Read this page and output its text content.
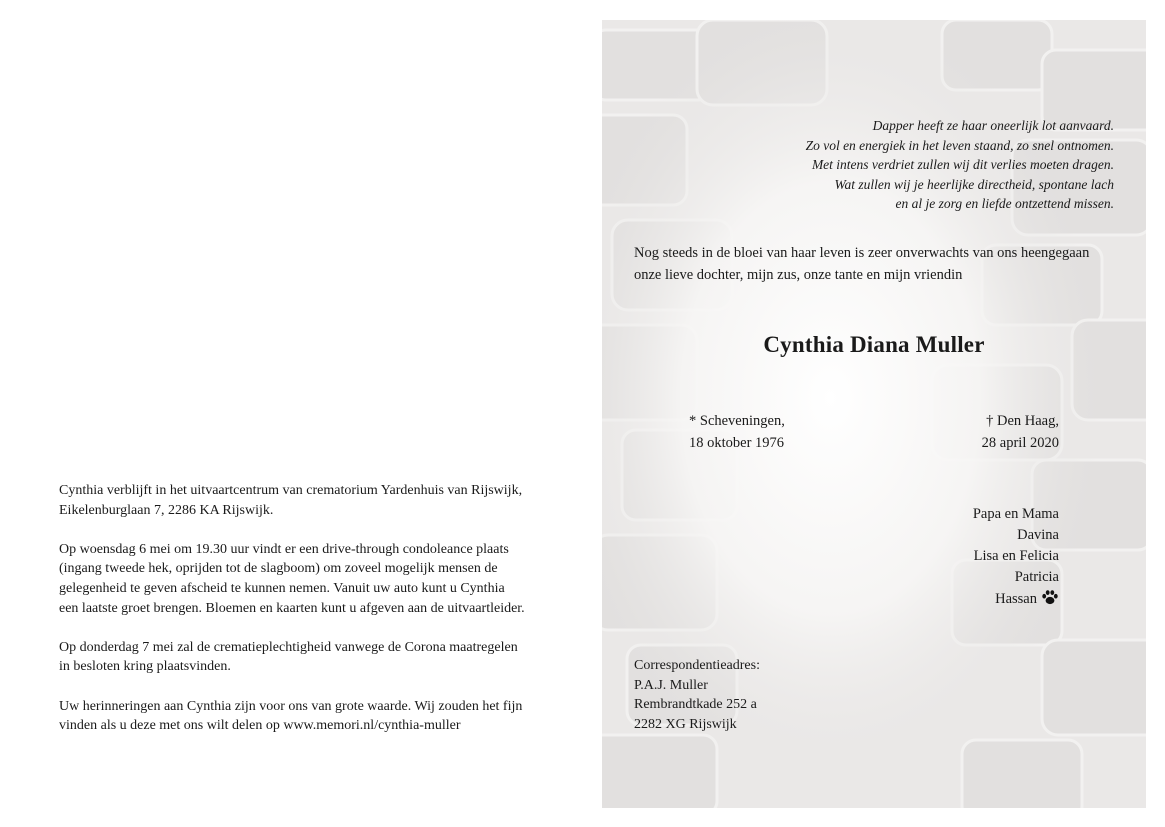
Cynthia verblijft in het uitvaartcentrum van crematorium Yardenhuis van Rijswijk,
Eikelenburglaan 7, 2286 KA Rijswijk.

Op woensdag 6 mei om 19.30 uur vindt er een drive-through condoleance plaats
(ingang tweede hek, oprijden tot de slagboom) om zoveel mogelijk mensen de
gelegenheid te geven afscheid te kunnen nemen. Vanuit uw auto kunt u Cynthia
een laatste groet brengen. Bloemen en kaarten kunt u afgeven aan de uitvaartleider.

Op donderdag 7 mei zal de crematieplechtigheid vanwege de Corona maatregelen
in besloten kring plaatsvinden.

Uw herinneringen aan Cynthia zijn voor ons van grote waarde. Wij zouden het fijn
vinden als u deze met ons wilt delen op www.memori.nl/cynthia-muller

Dapper heeft ze haar oneerlijk lot aanvaard.
Zo vol en energiek in het leven staand, zo snel ontnomen.
Met intens verdriet zullen wij dit verlies moeten dragen.
Wat zullen wij je heerlijke directheid, spontane lach
en al je zorg en liefde ontzettend missen.
Nog steeds in de bloei van haar leven is zeer onverwachts van ons heengegaan
onze lieve dochter, mijn zus, onze tante en mijn vriendin
Cynthia Diana Muller
* Scheveningen,
18 oktober 1976
† Den Haag,
28 april 2020
Papa en Mama
Davina
Lisa en Felicia
Patricia
Hassan
Correspondentieadres:
P.A.J. Muller
Rembrandtkade 252 a
2282 XG Rijswijk
